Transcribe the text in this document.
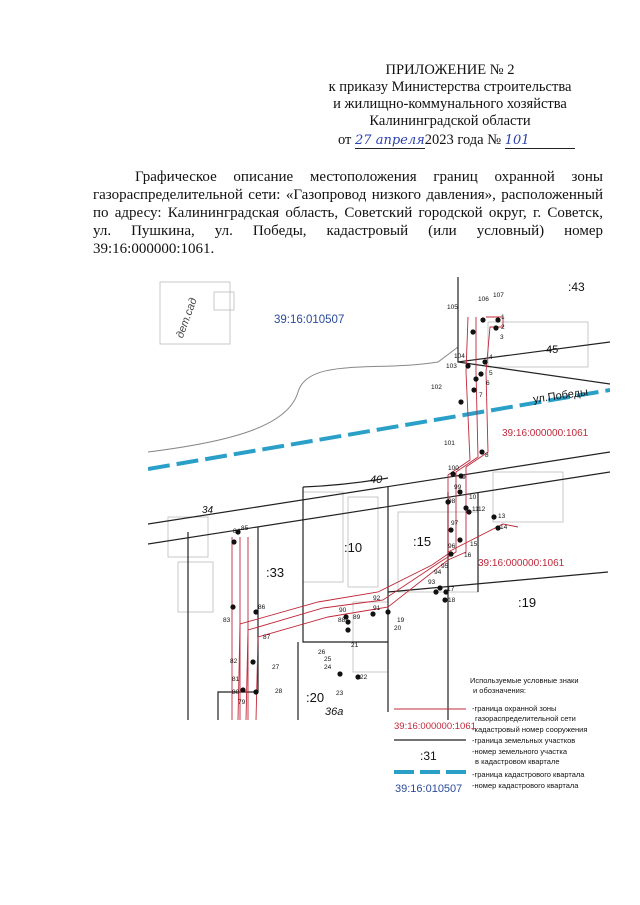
ПРИЛОЖЕНИЕ № 2
к приказу Министерства строительства
и жилищно-коммунального хозяйства
Калининградской области
от 27 апреля2023 года № 101

Графическое описание местоположения границ охранной зоны газораспределительной сети: «Газопровод низкого давления», расположенный по адресу: Калининградская область, Советский городской округ, г. Советск, ул. Пушкина, ул. Победы, кадастровый (или условный) номер 39:16:000000:1061.

39:16:010507
ул.Победы
39:16:000000:1061
39:16:000000:1061
:43
45
40
34
:10	:15
:33
:19
:20
36а
дет.сад	1
2
3
4
5
6
7
8
9
10
11 12
13
14
15
16
17
18
19
20
21
22
23
24
25
26
27
28
79
80
81
82
83
84 85
86
87
88 89
90	91
92
93
94
95
96
97
98
99
100
101
102
103
104
105
106
107
Используемые условные знаки
и обозначения:
-граница охранной зоны
газораспределительной сети
39:16:000000:1061
-кадастровый номер сооружения
-граница земельных участков
:31	-номер земельного участка
в кадастровом квартале
-граница кадастрового квартала
39:16:010507 -номер кадастрового квартала
